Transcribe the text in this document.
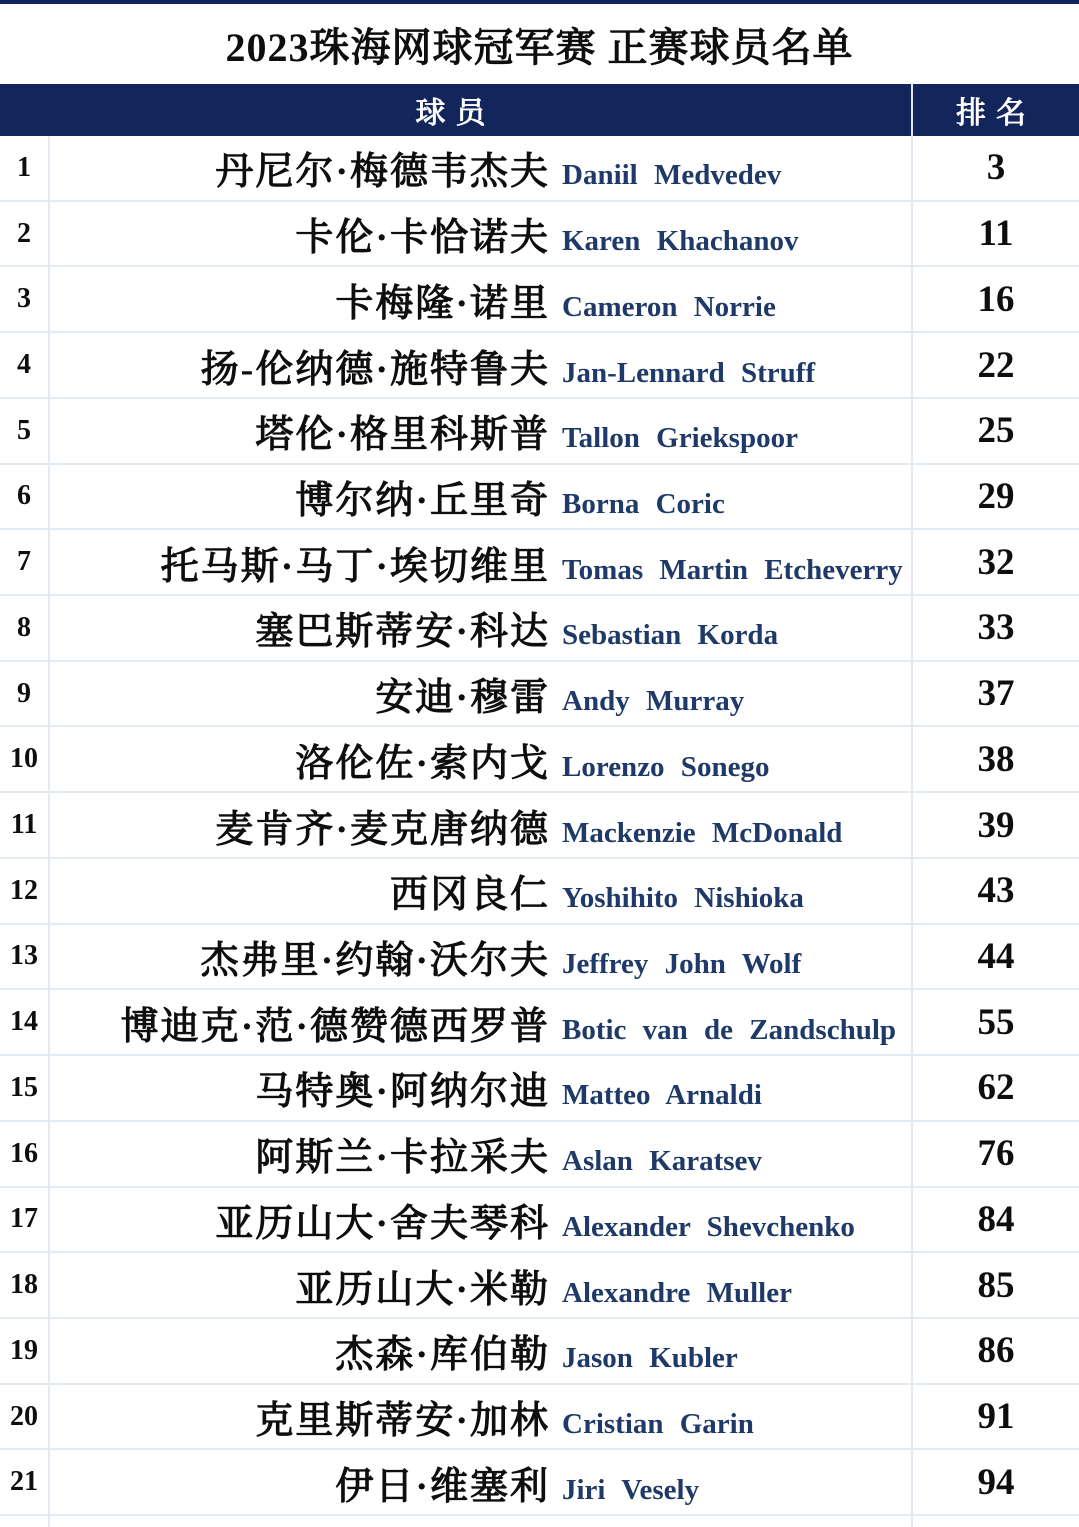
2023珠海网球冠军赛 正赛球员名单
球员	排名
1	丹尼尔·梅德韦杰夫 Daniil Medvedev	3
2	卡伦·卡恰诺夫 Karen Khachanov	11
3	卡梅隆·诺里 Cameron Norrie	16
4	扬-伦纳德·施特鲁夫 Jan-Lennard Struff	22
5	塔伦·格里科斯普 Tallon Griekspoor	25
6	博尔纳·丘里奇 Borna Coric	29
7	托马斯·马丁·埃切维里 Tomas Martin Etcheverry	32
8	塞巴斯蒂安·科达 Sebastian Korda	33
9	安迪·穆雷 Andy Murray	37
10	洛伦佐·索内戈 Lorenzo Sonego	38
11	麦肯齐·麦克唐纳德 Mackenzie McDonald	39
12	西冈良仁 Yoshihito Nishioka	43
13	杰弗里·约翰·沃尔夫 Jeffrey John Wolf	44
14	博迪克·范·德赞德西罗普 Botic van de Zandschulp	55
15	马特奥·阿纳尔迪 Matteo Arnaldi	62
16	阿斯兰·卡拉采夫 Aslan Karatsev	76
17	亚历山大·舍夫琴科 Alexander Shevchenko	84
18	亚历山大·米勒 Alexandre Muller	85
19	杰森·库伯勒 Jason Kubler	86
20	克里斯蒂安·加林 Cristian Garin	91
21	伊日·维塞利 Jiri Vesely	94
